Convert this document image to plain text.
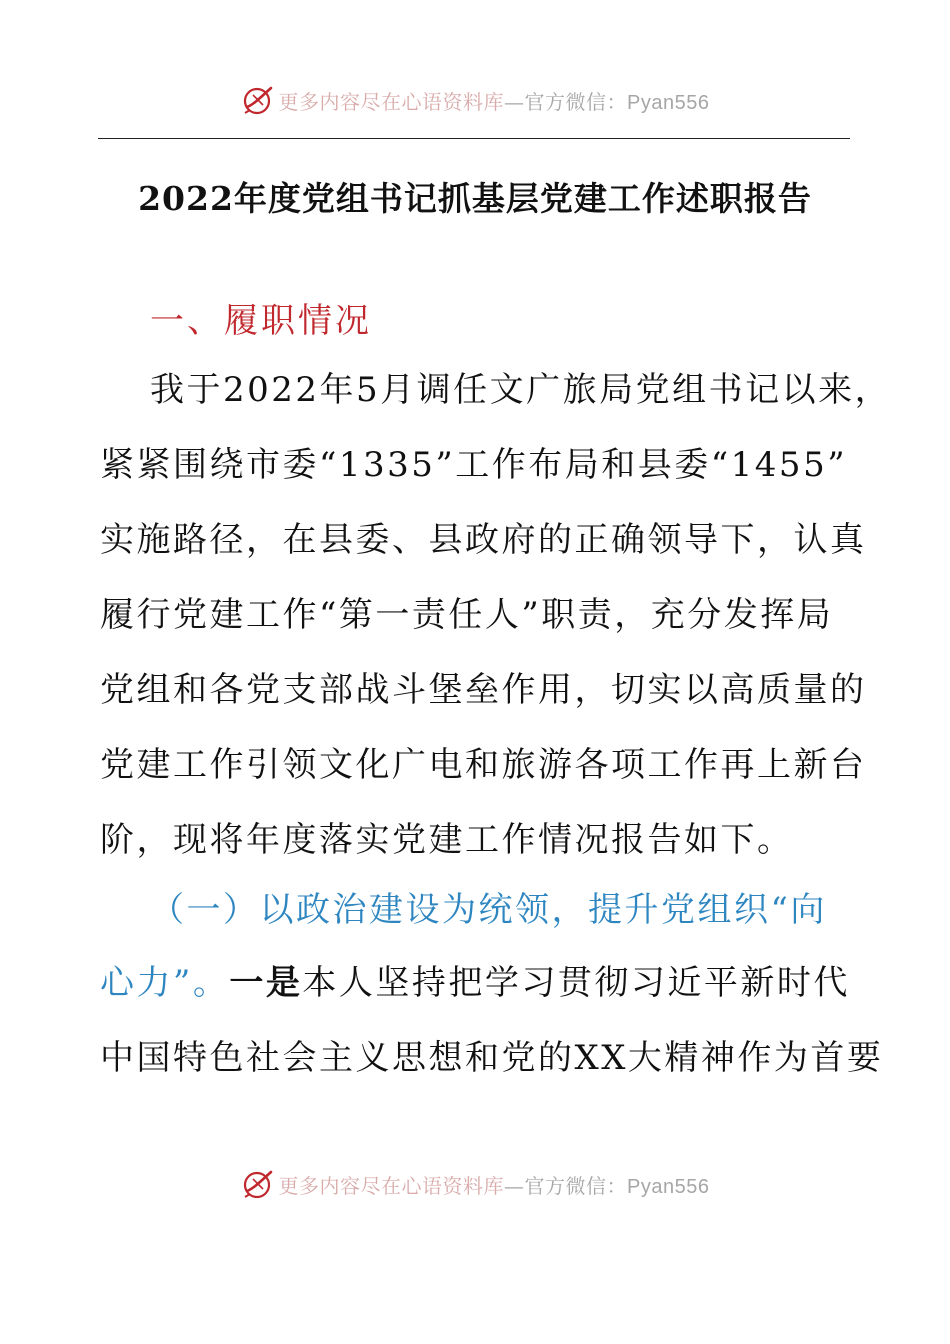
更多内容尽在心语资料库—官方微信：Pyan556
2022年度党组书记抓基层党建工作述职报告

一、履职情况

我于2022年5月调任文广旅局党组书记以来，

紧紧围绕市委“1335”工作布局和县委“1455”

实施路径，在县委、县政府的正确领导下，认真

履行党建工作“第一责任人”职责，充分发挥局

党组和各党支部战斗堡垒作用，切实以高质量的

党建工作引领文化广电和旅游各项工作再上新台

阶，现将年度落实党建工作情况报告如下。

（一）以政治建设为统领，提升党组织“向

心力”。一是本人坚持把学习贯彻习近平新时代

中国特色社会主义思想和党的XX大精神作为首要

更多内容尽在心语资料库—官方微信：Pyan556
